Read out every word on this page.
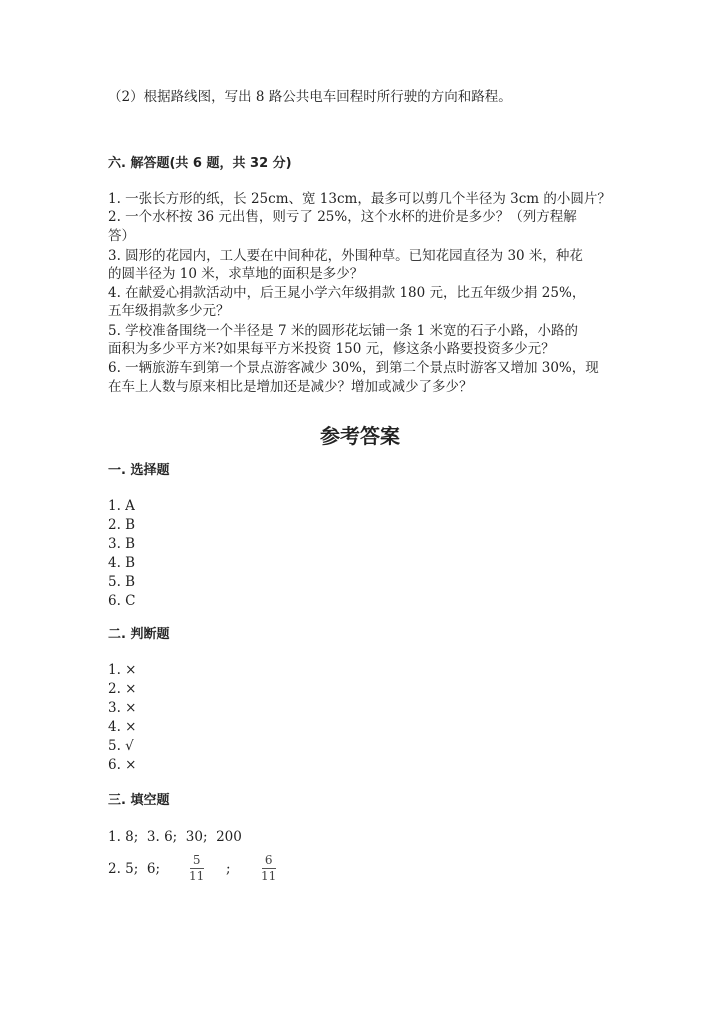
（2）根据路线图，写出 8 路公共电车回程时所行驶的方向和路程。
六. 解答题(共 6 题，共 32 分)
1. 一张长方形的纸，长 25cm、宽 13cm，最多可以剪几个半径为 3cm 的小圆片？
2. 一个水杯按 36 元出售，则亏了 25%，这个水杯的进价是多少？（列方程解
答）
3. 圆形的花园内，工人要在中间种花，外围种草。已知花园直径为 30 米，种花
的圆半径为 10 米，求草地的面积是多少？
4. 在献爱心捐款活动中，后王晁小学六年级捐款 180 元，比五年级少捐 25%，
五年级捐款多少元？
5. 学校准备围绕一个半径是 7 米的圆形花坛铺一条 1 米宽的石子小路，小路的
面积为多少平方米?如果每平方米投资 150 元，修这条小路要投资多少元？
6. 一辆旅游车到第一个景点游客减少 30%，到第二个景点时游客又增加 30%，现
在车上人数与原来相比是增加还是减少？增加或减少了多少？
参考答案
一. 选择题
1. A
2. B
3. B
4. B
5. B
6. C
二. 判断题
1. ×
2. ×
3. ×
4. ×
5. √
6. ×
三. 填空题
1. 8;  3. 6;  30;  200
2. 5;  6;
5
11 ;
6
11
